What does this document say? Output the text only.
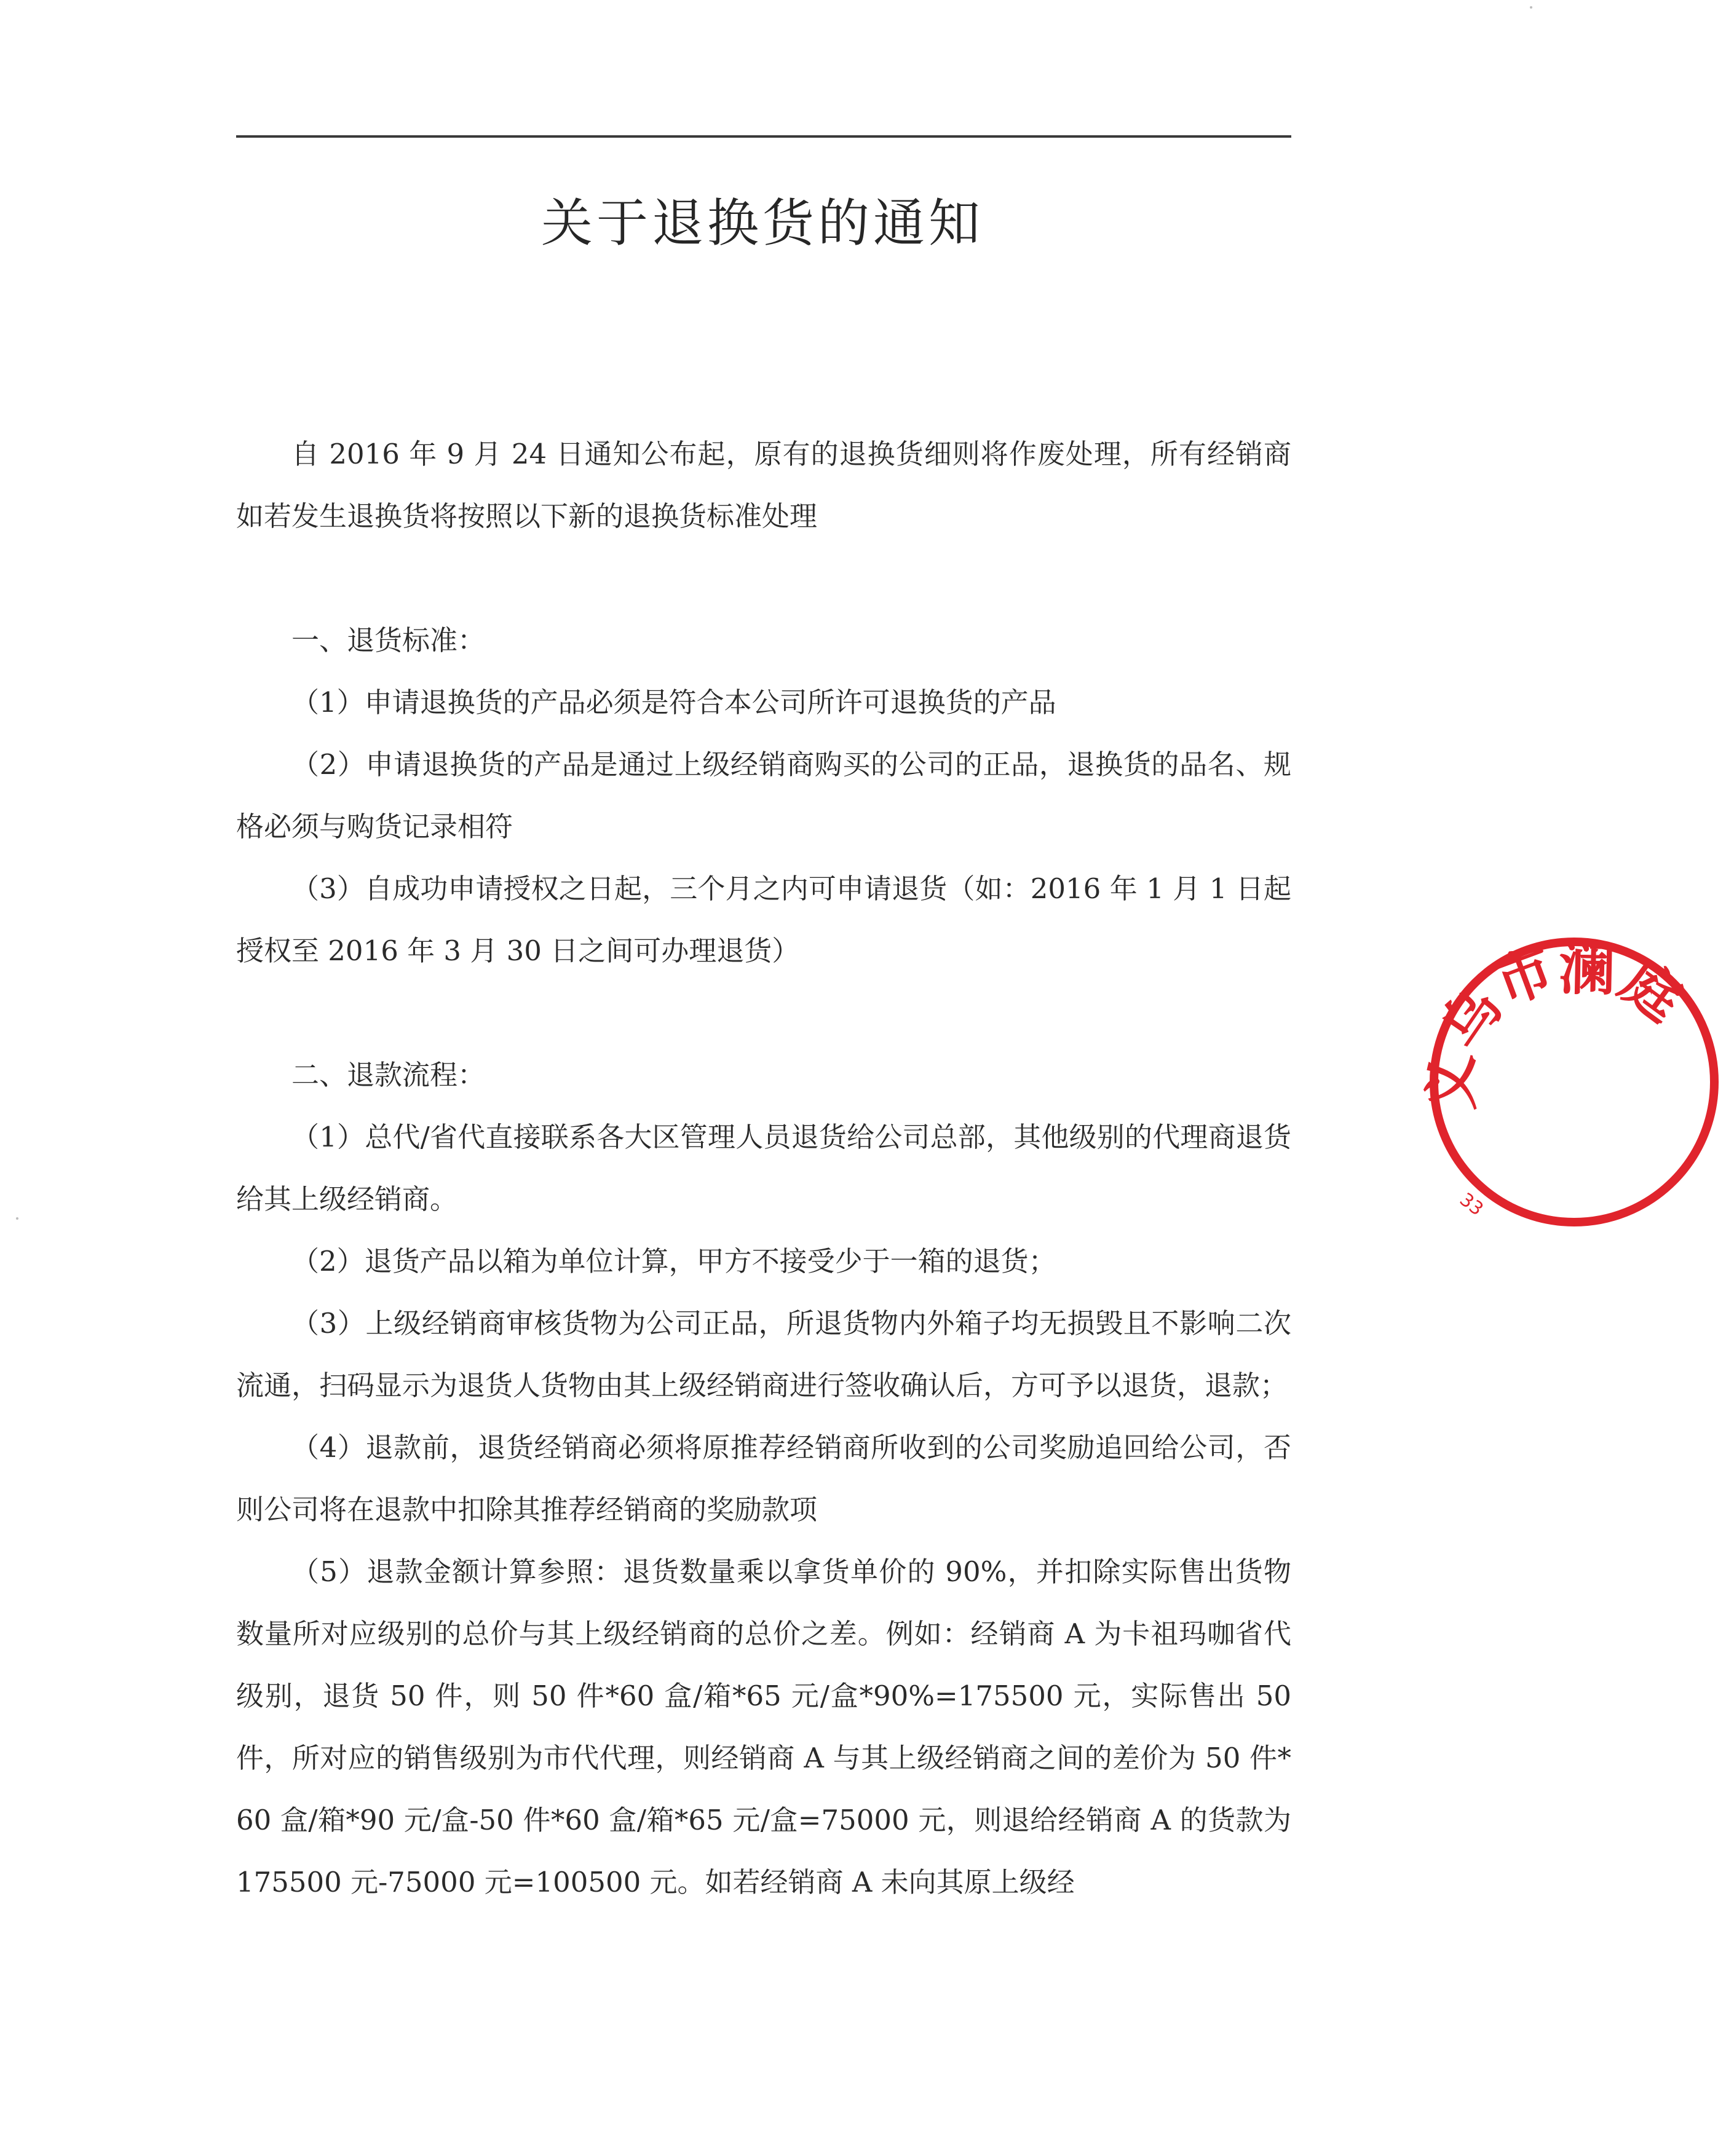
关于退换货的通知

自 2016 年 9 月 24 日通知公布起，原有的退换货细则将作废处理，所有经销商如若发生退换货将按照以下新的退换货标准处理

一、退货标准：

（1）申请退换货的产品必须是符合本公司所许可退换货的产品

（2）申请退换货的产品是通过上级经销商购买的公司的正品，退换货的品名、规格必须与购货记录相符

（3）自成功申请授权之日起，三个月之内可申请退货（如：2016 年 1 月 1 日起授权至 2016 年 3 月 30 日之间可办理退货）

二、退款流程：

（1）总代/省代直接联系各大区管理人员退货给公司总部，其他级别的代理商退货给其上级经销商。

（2）退货产品以箱为单位计算，甲方不接受少于一箱的退货；

（3）上级经销商审核货物为公司正品，所退货物内外箱子均无损毁且不影响二次流通，扫码显示为退货人货物由其上级经销商进行签收确认后，方可予以退货，退款；

（4）退款前，退货经销商必须将原推荐经销商所收到的公司奖励追回给公司，否则公司将在退款中扣除其推荐经销商的奖励款项

（5）退款金额计算参照：退货数量乘以拿货单价的 90%，并扣除实际售出货物数量所对应级别的总价与其上级经销商的总价之差。例如：经销商 A 为卡祖玛咖省代级别，退货 50 件，则 50 件*60 盒/箱*65 元/盒*90%=175500 元，实际售出 50 件，所对应的销售级别为市代代理，则经销商 A 与其上级经销商之间的差价为 50 件*60 盒/箱*90 元/盒-50 件*60 盒/箱*65 元/盒=75000 元，则退给经销商 A 的货款为 175500 元-75000 元=100500 元。如若经销商 A 未向其原上级经

义乌市澜庭
33
